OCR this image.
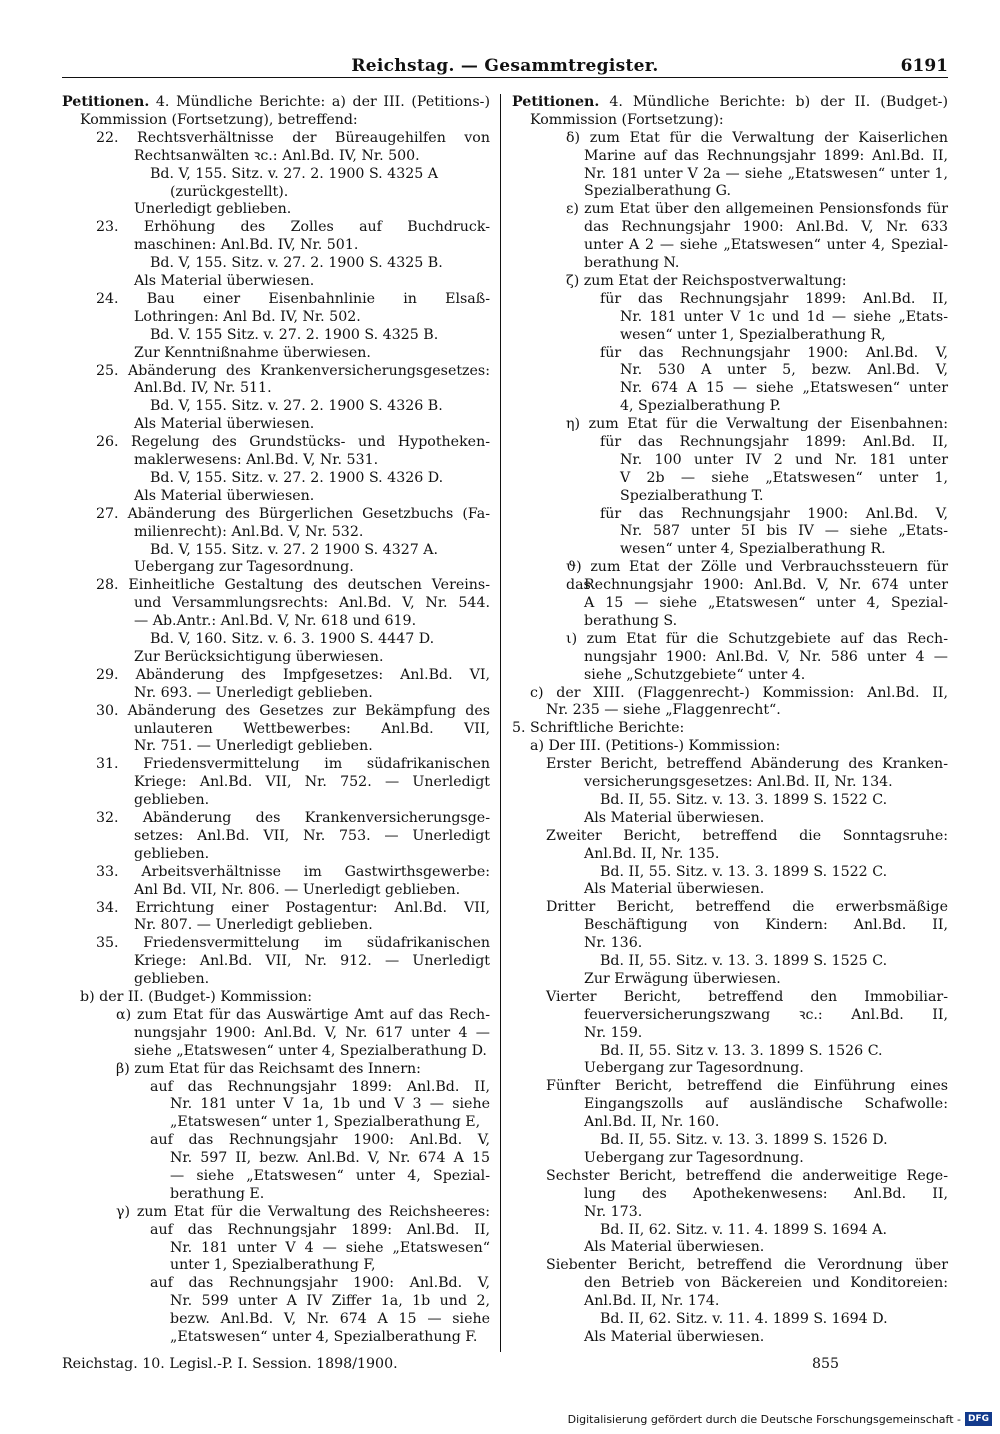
Reichstag. — Gesammtregister.	6191
Petitionen. 4. Mündliche Berichte: a) der III. (Petitions-)
Kommission (Fortsetzung), betreffend:
22. Rechtsverhältnisse der Büreaugehilfen von
Rechtsanwälten ꝛc.: Anl.Bd. IV, Nr. 500.
Bd. V, 155. Sitz. v. 27. 2. 1900 S. 4325 A
(zurückgestellt).
Unerledigt geblieben.
23. Erhöhung des Zolles auf Buchdruck-
maschinen: Anl.Bd. IV, Nr. 501.
Bd. V, 155. Sitz. v. 27. 2. 1900 S. 4325 B.
Als Material überwiesen.
24. Bau einer Eisenbahnlinie in Elsaß-
Lothringen: Anl Bd. IV, Nr. 502.
Bd. V. 155 Sitz. v. 27. 2. 1900 S. 4325 B.
Zur Kenntnißnahme überwiesen.
25. Abänderung des Krankenversicherungsgesetzes:
Anl.Bd. IV, Nr. 511.
Bd. V, 155. Sitz. v. 27. 2. 1900 S. 4326 B.
Als Material überwiesen.
26. Regelung des Grundstücks- und Hypotheken-
maklerwesens: Anl.Bd. V, Nr. 531.
Bd. V, 155. Sitz. v. 27. 2. 1900 S. 4326 D.
Als Material überwiesen.
27. Abänderung des Bürgerlichen Gesetzbuchs (Fa-
milienrecht): Anl.Bd. V, Nr. 532.
Bd. V, 155. Sitz. v. 27. 2 1900 S. 4327 A.
Uebergang zur Tagesordnung.
28. Einheitliche Gestaltung des deutschen Vereins-
und Versammlungsrechts: Anl.Bd. V, Nr. 544.
— Ab.Antr.: Anl.Bd. V, Nr. 618 und 619.
Bd. V, 160. Sitz. v. 6. 3. 1900 S. 4447 D.
Zur Berücksichtigung überwiesen.
29. Abänderung des Impfgesetzes: Anl.Bd. VI,
Nr. 693. — Unerledigt geblieben.
30. Abänderung des Gesetzes zur Bekämpfung des
unlauteren Wettbewerbes: Anl.Bd. VII,
Nr. 751. — Unerledigt geblieben.
31. Friedensvermittelung im südafrikanischen
Kriege: Anl.Bd. VII, Nr. 752. — Unerledigt
geblieben.
32. Abänderung des Krankenversicherungsge-
setzes: Anl.Bd. VII, Nr. 753. — Unerledigt
geblieben.
33. Arbeitsverhältnisse im Gastwirthsgewerbe:
Anl Bd. VII, Nr. 806. — Unerledigt geblieben.
34. Errichtung einer Postagentur: Anl.Bd. VII,
Nr. 807. — Unerledigt geblieben.
35. Friedensvermittelung im südafrikanischen
Kriege: Anl.Bd. VII, Nr. 912. — Unerledigt
geblieben.
b) der II. (Budget-) Kommission:
α) zum Etat für das Auswärtige Amt auf das Rech-
nungsjahr 1900: Anl.Bd. V, Nr. 617 unter 4 —
siehe „Etatswesen“ unter 4, Spezialberathung D.
β) zum Etat für das Reichsamt des Innern:
auf das Rechnungsjahr 1899: Anl.Bd. II,
Nr. 181 unter V 1a, 1b und V 3 — siehe
„Etatswesen“ unter 1, Spezialberathung E,
auf das Rechnungsjahr 1900: Anl.Bd. V,
Nr. 597 II, bezw. Anl.Bd. V, Nr. 674 A 15
— siehe „Etatswesen“ unter 4, Spezial-
berathung E.
γ) zum Etat für die Verwaltung des Reichsheeres:
auf das Rechnungsjahr 1899: Anl.Bd. II,
Nr. 181 unter V 4 — siehe „Etatswesen“
unter 1, Spezialberathung F,
auf das Rechnungsjahr 1900: Anl.Bd. V,
Nr. 599 unter A IV Ziffer 1a, 1b und 2,
bezw. Anl.Bd. V, Nr. 674 A 15 — siehe
„Etatswesen“ unter 4, Spezialberathung F.
Petitionen. 4. Mündliche Berichte: b) der II. (Budget-)
Kommission (Fortsetzung):
δ) zum Etat für die Verwaltung der Kaiserlichen
Marine auf das Rechnungsjahr 1899: Anl.Bd. II,
Nr. 181 unter V 2a — siehe „Etatswesen“ unter 1,
Spezialberathung G.
ε) zum Etat über den allgemeinen Pensionsfonds für
das Rechnungsjahr 1900: Anl.Bd. V, Nr. 633
unter A 2 — siehe „Etatswesen“ unter 4, Spezial-
berathung N.
ζ) zum Etat der Reichspostverwaltung:
für das Rechnungsjahr 1899: Anl.Bd. II,
Nr. 181 unter V 1c und 1d — siehe „Etats-
wesen“ unter 1, Spezialberathung R,
für das Rechnungsjahr 1900: Anl.Bd. V,
Nr. 530 A unter 5, bezw. Anl.Bd. V,
Nr. 674 A 15 — siehe „Etatswesen“ unter
4, Spezialberathung P.
η) zum Etat für die Verwaltung der Eisenbahnen:
für das Rechnungsjahr 1899: Anl.Bd. II,
Nr. 100 unter IV 2 und Nr. 181 unter
V 2b — siehe „Etatswesen“ unter 1,
Spezialberathung T.
für das Rechnungsjahr 1900: Anl.Bd. V,
Nr. 587 unter 5I bis IV — siehe „Etats-
wesen“ unter 4, Spezialberathung R.
ϑ) zum Etat der Zölle und Verbrauchssteuern für das
Rechnungsjahr 1900: Anl.Bd. V, Nr. 674 unter
A 15 — siehe „Etatswesen“ unter 4, Spezial-
berathung S.
ι) zum Etat für die Schutzgebiete auf das Rech-
nungsjahr 1900: Anl.Bd. V, Nr. 586 unter 4 —
siehe „Schutzgebiete“ unter 4.
c) der XIII. (Flaggenrecht-) Kommission: Anl.Bd. II,
Nr. 235 — siehe „Flaggenrecht“.
5. Schriftliche Berichte:
a) Der III. (Petitions-) Kommission:
Erster Bericht, betreffend Abänderung des Kranken-
versicherungsgesetzes: Anl.Bd. II, Nr. 134.
Bd. II, 55. Sitz. v. 13. 3. 1899 S. 1522 C.
Als Material überwiesen.
Zweiter Bericht, betreffend die Sonntagsruhe:
Anl.Bd. II, Nr. 135.
Bd. II, 55. Sitz. v. 13. 3. 1899 S. 1522 C.
Als Material überwiesen.
Dritter Bericht, betreffend die erwerbsmäßige
Beschäftigung von Kindern: Anl.Bd. II,
Nr. 136.
Bd. II, 55. Sitz. v. 13. 3. 1899 S. 1525 C.
Zur Erwägung überwiesen.
Vierter Bericht, betreffend den Immobiliar-
feuerversicherungszwang ꝛc.: Anl.Bd. II,
Nr. 159.
Bd. II, 55. Sitz v. 13. 3. 1899 S. 1526 C.
Uebergang zur Tagesordnung.
Fünfter Bericht, betreffend die Einführung eines
Eingangszolls auf ausländische Schafwolle:
Anl.Bd. II, Nr. 160.
Bd. II, 55. Sitz. v. 13. 3. 1899 S. 1526 D.
Uebergang zur Tagesordnung.
Sechster Bericht, betreffend die anderweitige Rege-
lung des Apothekenwesens: Anl.Bd. II,
Nr. 173.
Bd. II, 62. Sitz. v. 11. 4. 1899 S. 1694 A.
Als Material überwiesen.
Siebenter Bericht, betreffend die Verordnung über
den Betrieb von Bäckereien und Konditoreien:
Anl.Bd. II, Nr. 174.
Bd. II, 62. Sitz. v. 11. 4. 1899 S. 1694 D.
Als Material überwiesen.
Reichstag. 10. Legisl.-P. I. Session. 1898/1900.	855
Digitalisierung gefördert durch die Deutsche Forschungsgemeinschaft - DFG
